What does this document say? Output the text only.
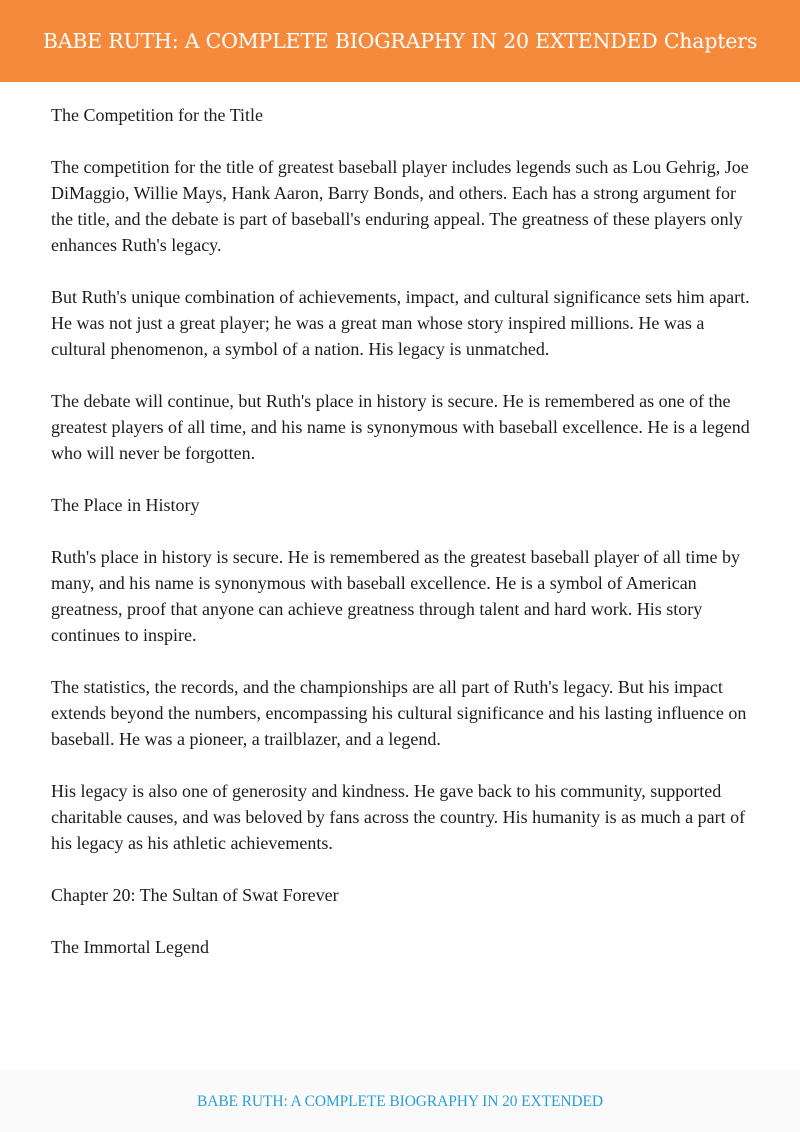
BABE RUTH: A COMPLETE BIOGRAPHY IN 20 EXTENDED Chapters

The Competition for the Title

The competition for the title of greatest baseball player includes legends such as Lou Gehrig, Joe DiMaggio, Willie Mays, Hank Aaron, Barry Bonds, and others. Each has a strong argument for the title, and the debate is part of baseball's enduring appeal. The greatness of these players only enhances Ruth's legacy.

But Ruth's unique combination of achievements, impact, and cultural significance sets him apart. He was not just a great player; he was a great man whose story inspired millions. He was a cultural phenomenon, a symbol of a nation. His legacy is unmatched.

The debate will continue, but Ruth's place in history is secure. He is remembered as one of the greatest players of all time, and his name is synonymous with baseball excellence. He is a legend who will never be forgotten.

The Place in History

Ruth's place in history is secure. He is remembered as the greatest baseball player of all time by many, and his name is synonymous with baseball excellence. He is a symbol of American greatness, proof that anyone can achieve greatness through talent and hard work. His story continues to inspire.

The statistics, the records, and the championships are all part of Ruth's legacy. But his impact extends beyond the numbers, encompassing his cultural significance and his lasting influence on baseball. He was a pioneer, a trailblazer, and a legend.

His legacy is also one of generosity and kindness. He gave back to his community, supported charitable causes, and was beloved by fans across the country. His humanity is as much a part of his legacy as his athletic achievements.

Chapter 20: The Sultan of Swat Forever

The Immortal Legend

BABE RUTH: A COMPLETE BIOGRAPHY IN 20 EXTENDED
